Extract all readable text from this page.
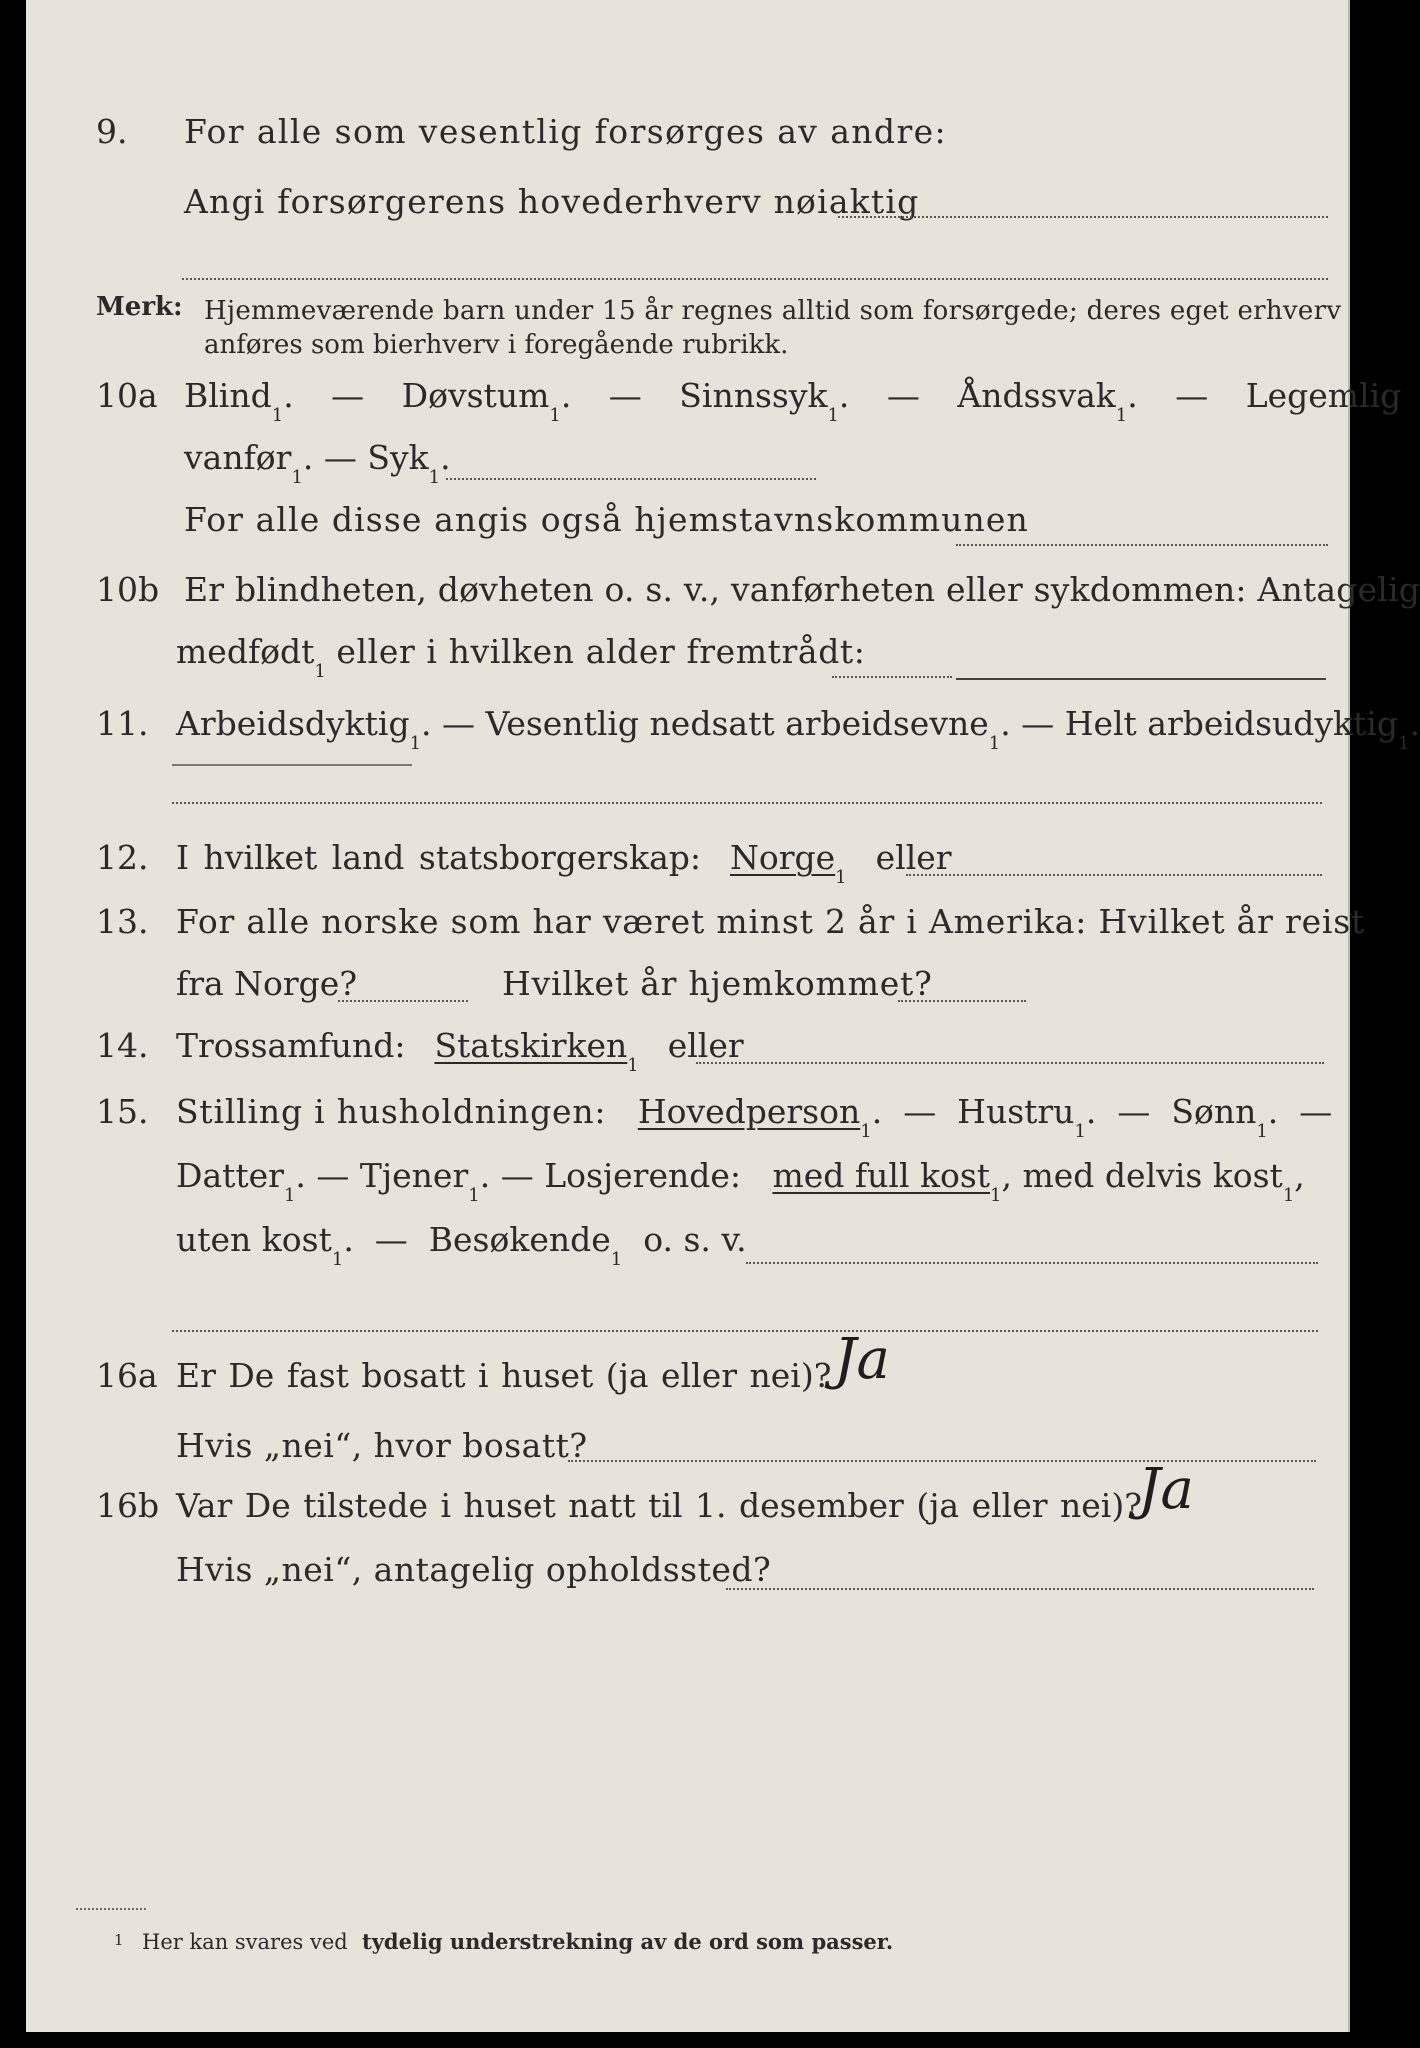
9. For alle som vesentlig forsørges av andre:
Angi forsørgerens hovederhverv nøiaktig
Merk: Hjemmeværende barn under 15 år regnes alltid som forsørgede; deres eget erhverv
anføres som bierhverv i foregående rubrikk.
10a Blind
1
. —
Døvstum
1
. —
Sinnssyk
1
. —
Åndssvak
1
. —
Legemlig
vanfør
1
. —
Syk
1
.
For alle disse angis også hjemstavnskommunen
10b Er blindheten, døvheten o. s. v., vanførheten eller sykdommen: Antagelig
medfødt
1

eller i hvilken alder fremtrådt:
11. Arbeidsdyktig
1
. —
Vesentlig nedsatt arbeidsevne
1
. —
Helt arbeidsudyktig
1
.
12. I hvilket land statsborgerskap:
Norge
1

eller
13. For alle norske som har været minst 2 år i Amerika: Hvilket år reist
fra Norge?	Hvilket år hjemkommet?
14. Trossamfund:
Statskirken
1

eller
15. Stilling i husholdningen:
Hovedperson
1
. —
Hustru
1
. —
Sønn
1
. —
Datter
1
. —
Tjener
1
. —
Losjerende:
med full kost
1
, med delvis kost
1
,
uten kost
1
. —
Besøkende
1

o. s. v.
16a Er De fast bosatt i huset (ja eller nei)? Ja
Hvis „nei“, hvor bosatt?
16b Var De tilstede i huset natt til 1. desember (ja eller nei)?
Ja
Hvis „nei“, antagelig opholdssted?
1 Her kan svares ved tydelig understrekning av de ord som passer.
